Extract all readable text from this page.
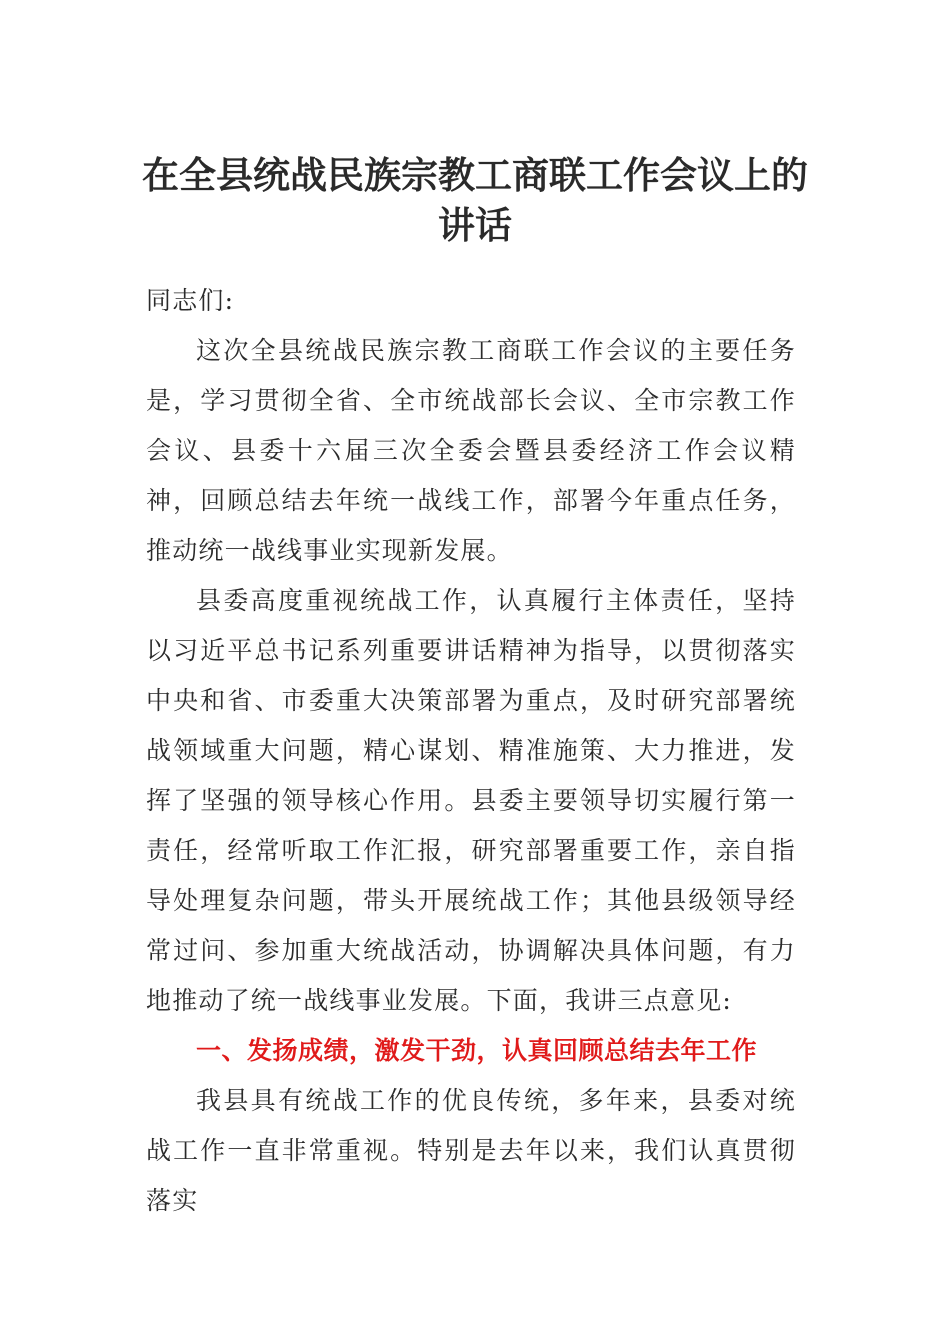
在全县统战民族宗教工商联工作会议上的
讲话

同志们:

这次全县统战民族宗教工商联工作会议的主要任务是，学习贯彻全省、全市统战部长会议、全市宗教工作会议、县委十六届三次全委会暨县委经济工作会议精神，回顾总结去年统一战线工作，部署今年重点任务，推动统一战线事业实现新发展。

县委高度重视统战工作，认真履行主体责任，坚持以习近平总书记系列重要讲话精神为指导，以贯彻落实中央和省、市委重大决策部署为重点，及时研究部署统战领域重大问题，精心谋划、精准施策、大力推进，发挥了坚强的领导核心作用。县委主要领导切实履行第一责任，经常听取工作汇报，研究部署重要工作，亲自指导处理复杂问题，带头开展统战工作；其他县级领导经常过问、参加重大统战活动，协调解决具体问题，有力地推动了统一战线事业发展。下面，我讲三点意见:

一、发扬成绩，激发干劲，认真回顾总结去年工作

我县具有统战工作的优良传统，多年来，县委对统战工作一直非常重视。特别是去年以来，我们认真贯彻落实
